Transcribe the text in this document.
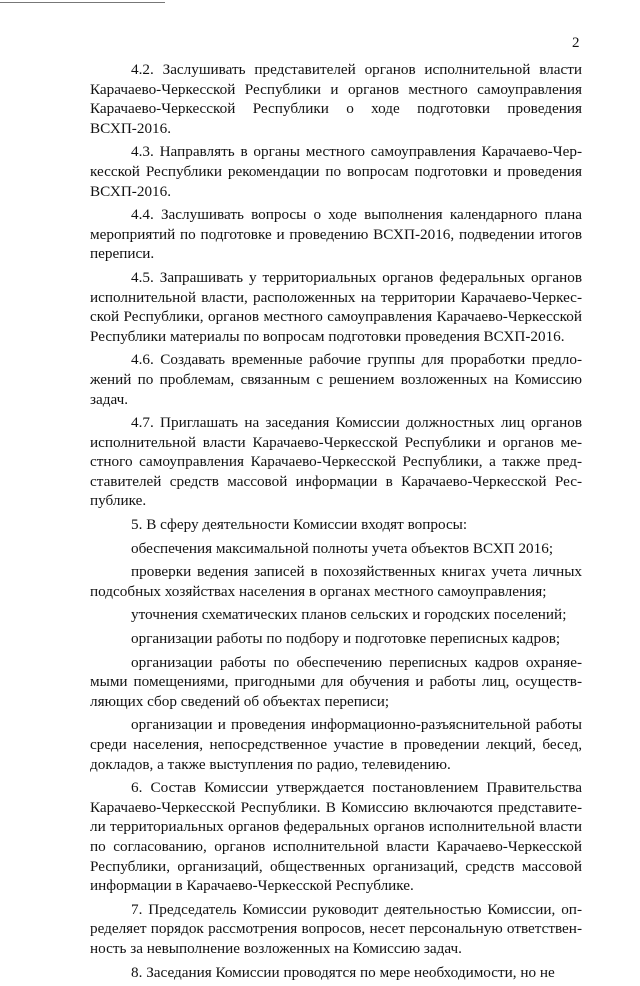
2

4.2. Заслушивать представителей органов исполнительной власти Карачаево-Черкесской Республики и органов местного самоуправления Карачаево-Черкесской Республики о ходе подготовки проведения ВСХП-2016.

4.3. Направлять в органы местного самоуправления Карачаево-Черкесской Республики рекомендации по вопросам подготовки и проведения ВСХП-2016.

4.4. Заслушивать вопросы о ходе выполнения календарного плана мероприятий по подготовке и проведению ВСХП-2016, подведении итогов переписи.

4.5. Запрашивать у территориальных органов федеральных органов исполнительной власти, расположенных на территории Карачаево-Черкесской Республики, органов местного самоуправления Карачаево-Черкесской Республики материалы по вопросам подготовки проведения ВСХП-2016.

4.6. Создавать временные рабочие группы для проработки предложений по проблемам, связанным с решением возложенных на Комиссию задач.

4.7. Приглашать на заседания Комиссии должностных лиц органов исполнительной власти Карачаево-Черкесской Республики и органов местного самоуправления Карачаево-Черкесской Республики, а также представителей средств массовой информации в Карачаево-Черкесской Республике.

5. В сферу деятельности Комиссии входят вопросы:

обеспечения максимальной полноты учета объектов ВСХП 2016;

проверки ведения записей в похозяйственных книгах учета личных подсобных хозяйствах населения в органах местного самоуправления;

уточнения схематических планов сельских и городских поселений;

организации работы по подбору и подготовке переписных кадров;

организации работы по обеспечению переписных кадров охраняемыми помещениями, пригодными для обучения и работы лиц, осуществляющих сбор сведений об объектах переписи;

организации и проведения информационно-разъяснительной работы среди населения, непосредственное участие в проведении лекций, бесед, докладов, а также выступления по радио, телевидению.

6. Состав Комиссии утверждается постановлением Правительства Карачаево-Черкесской Республики. В Комиссию включаются представители территориальных органов федеральных органов исполнительной власти по согласованию, органов исполнительной власти Карачаево-Черкесской Республики, организаций, общественных организаций, средств массовой информации в Карачаево-Черкесской Республике.

7. Председатель Комиссии руководит деятельностью Комиссии, определяет порядок рассмотрения вопросов, несет персональную ответственность за невыполнение возложенных на Комиссию задач.

8. Заседания Комиссии проводятся по мере необходимости, но не
